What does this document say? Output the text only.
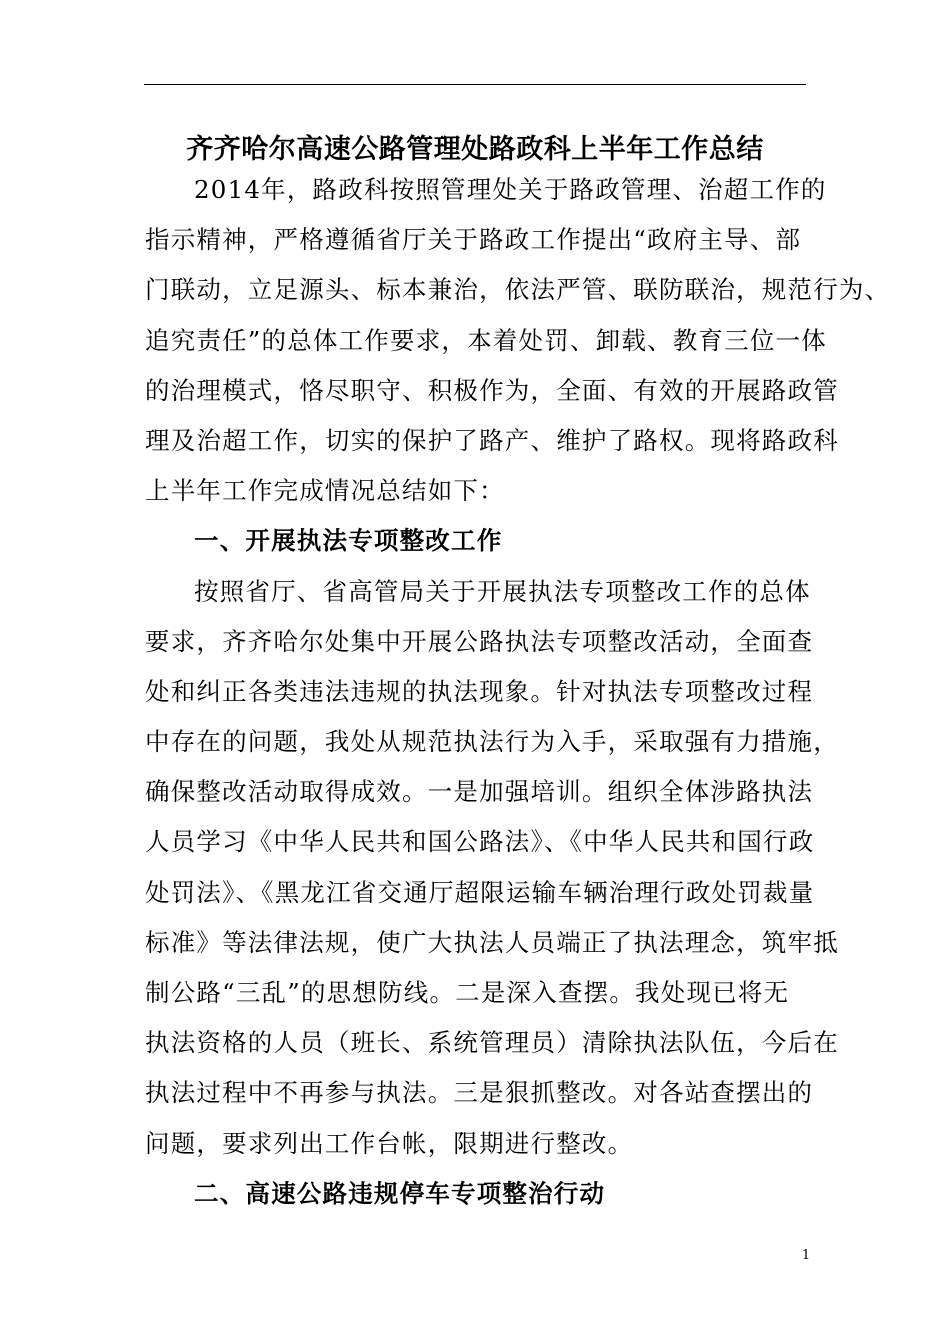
齐齐哈尔高速公路管理处路政科上半年工作总结
2014年，路政科按照管理处关于路政管理、治超工作的
指示精神，严格遵循省厅关于路政工作提出“政府主导、部
门联动，立足源头、标本兼治，依法严管、联防联治，规范行为、
追究责任”的总体工作要求，本着处罚、卸载、教育三位一体
的治理模式，恪尽职守、积极作为，全面、有效的开展路政管
理及治超工作，切实的保护了路产、维护了路权。现将路政科
上半年工作完成情况总结如下：
一、开展执法专项整改工作
按照省厅、省高管局关于开展执法专项整改工作的总体
要求，齐齐哈尔处集中开展公路执法专项整改活动，全面查
处和纠正各类违法违规的执法现象。针对执法专项整改过程
中存在的问题，我处从规范执法行为入手，采取强有力措施，
确保整改活动取得成效。一是加强培训。组织全体涉路执法
人员学习《中华人民共和国公路法》、《中华人民共和国行政
处罚法》、《黑龙江省交通厅超限运输车辆治理行政处罚裁量
标准》等法律法规，使广大执法人员端正了执法理念，筑牢抵
制公路“三乱”的思想防线。二是深入查摆。我处现已将无
执法资格的人员（班长、系统管理员）清除执法队伍，今后在
执法过程中不再参与执法。三是狠抓整改。对各站查摆出的
问题，要求列出工作台帐，限期进行整改。
二、高速公路违规停车专项整治行动
1
